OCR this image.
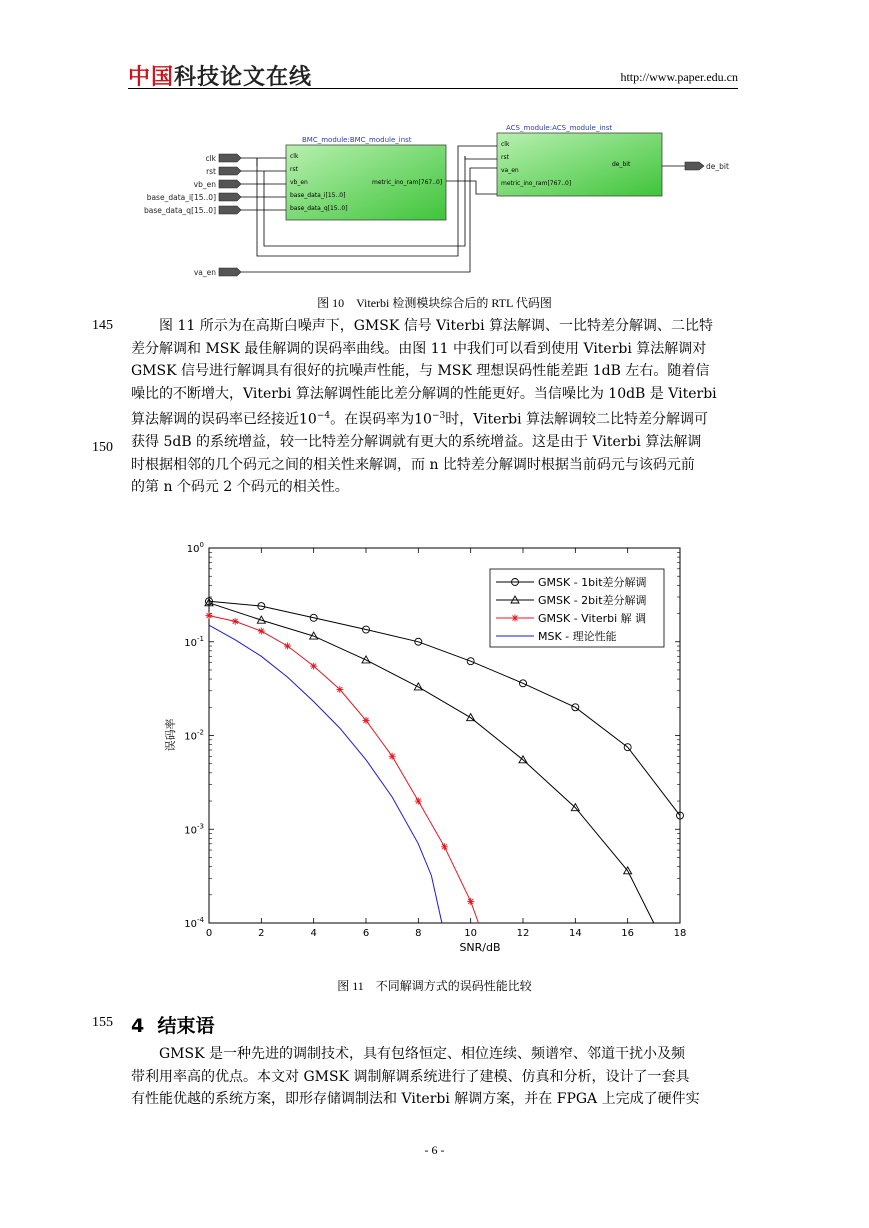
中国科技论文在线	http://www.paper.edu.cn
BMC_module:BMC_module_inst
clk
rst
vb_en
base_data_i[15..0]
base_data_q[15..0]
metric_ino_ram[767..0]
ACS_module:ACS_module_inst
clk
rst
va_en
metric_ino_ram[767..0]
de_bit
clk
rst
vb_en
base_data_i[15..0]
base_data_q[15..0]
va_en
de_bit
图 10　Viterbi 检测模块综合后的 RTL 代码图
145
150

图 11 所示为在高斯白噪声下，GMSK 信号 Viterbi 算法解调、一比特差分解调、二比特

差分解调和 MSK 最佳解调的误码率曲线。由图 11 中我们可以看到使用 Viterbi 算法解调对
GMSK 信号进行解调具有很好的抗噪声性能，与 MSK 理想误码性能差距 1dB 左右。随着信
噪比的不断增大，Viterbi 算法解调性能比差分解调的性能更好。当信噪比为 10dB 是 Viterbi
算法解调的误码率已经接近$10^{-4}$。在误码率为$10^{-3}$时，Viterbi 算法解调较二比特差分解调可
获得 5dB 的系统增益，较一比特差分解调就有更大的系统增益。这是由于 Viterbi 算法解调
时根据相邻的几个码元之间的相关性来解调，而 n 比特差分解调时根据当前码元与该码元前
的第 n 个码元 2 个码元的相关性。
$10^0$
$10^{-1}$
$10^{-2}$
$10^{-3}$
$10^{-4}$
0	2	4	6	8	10	12	14	16	18
SNR/dB
误码率
GMSK - 1bit差分解调
GMSK - 2bit差分解调
GMSK - Viterbi 解 调
MSK - 理论性能
图 11　不同解调方式的误码性能比较
155 4 结束语

GMSK 是一种先进的调制技术，具有包络恒定、相位连续、频谱窄、邻道干扰小及频

带利用率高的优点。本文对 GMSK 调制解调系统进行了建模、仿真和分析，设计了一套具
有性能优越的系统方案，即形存储调制法和 Viterbi 解调方案，并在 FPGA 上完成了硬件实
- 6 -
